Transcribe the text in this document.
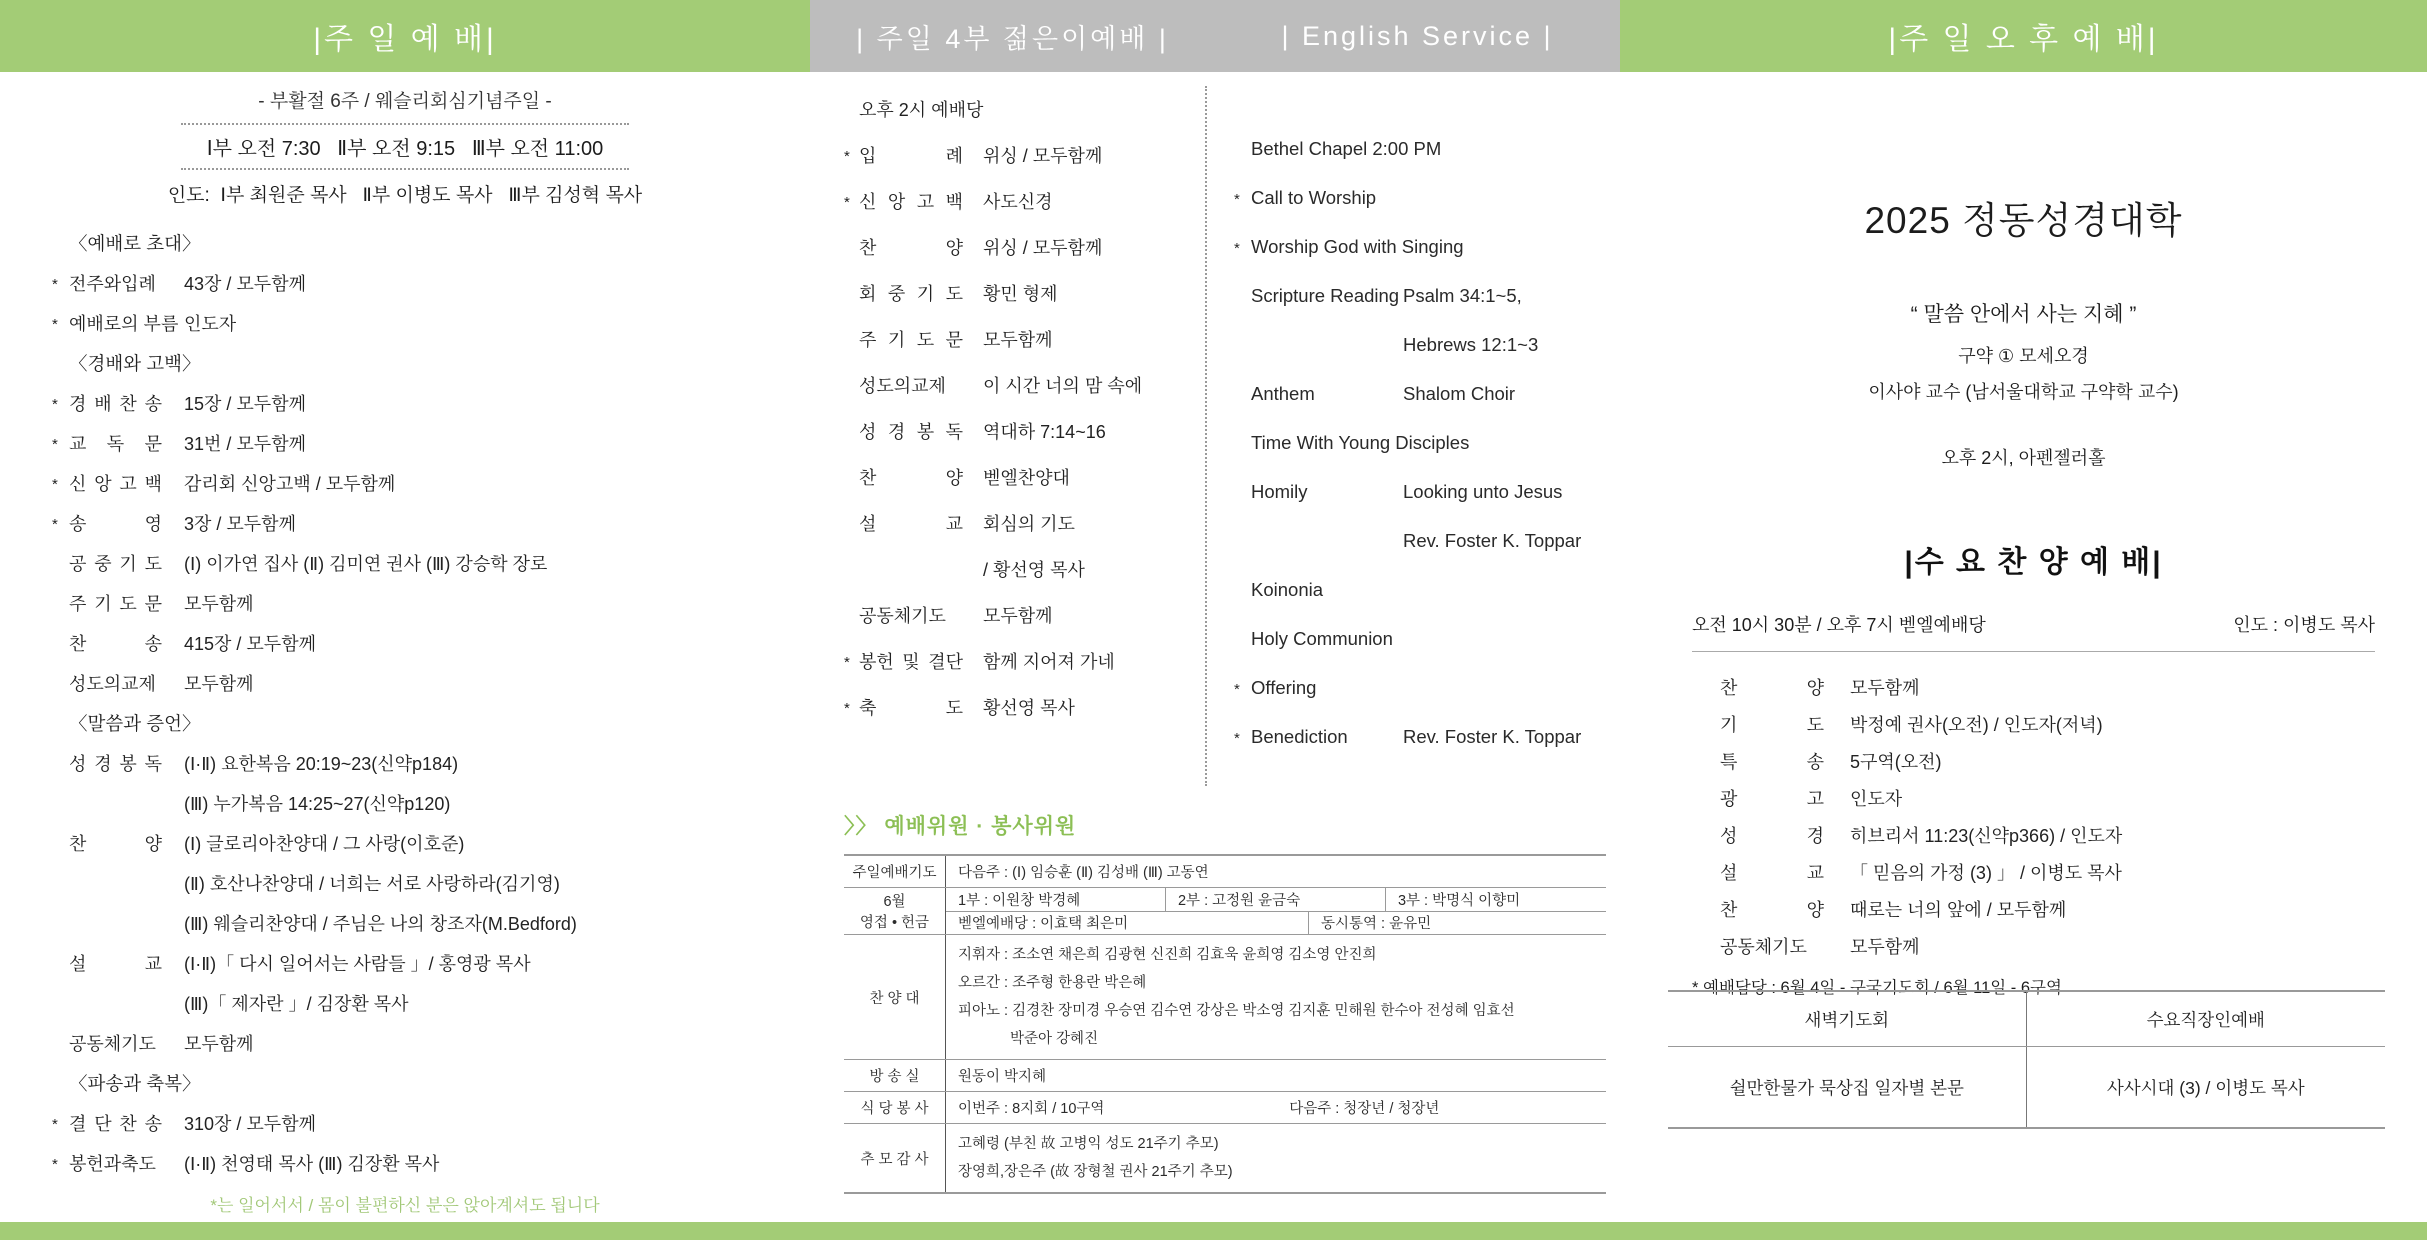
|주 일 예 배|	| 주일 4부 젊은이예배 |	| English Service |	|주 일 오 후 예 배|
- 부활절 6주 / 웨슬리회심기념주일 -
Ⅰ부 오전 7:30   Ⅱ부 오전 9:15   Ⅲ부 오전 11:00
인도:  Ⅰ부 최원준 목사   Ⅱ부 이병도 목사   Ⅲ부 김성혁 목사
〈예배로 초대〉
* 전주와입례	43장 / 모두함께
* 예배로의 부름 인도자
〈경배와 고백〉
* 경 배 찬 송 15장 / 모두함께
* 교 독 문 31번 / 모두함께
* 신 앙 고 백 감리회 신앙고백 / 모두함께
* 송 영 3장 / 모두함께
공 중 기 도 (Ⅰ) 이가연 집사 (Ⅱ) 김미연 권사 (Ⅲ) 강승학 장로
주 기 도 문 모두함께
찬 송 415장 / 모두함께
성도의교제	모두함께
〈말씀과 증언〉
성 경 봉 독 (Ⅰ·Ⅱ) 요한복음 20:19~23(신약p184)
(Ⅲ) 누가복음 14:25~27(신약p120)
찬 양 (Ⅰ) 글로리아찬양대 / 그 사랑(이호준)
(Ⅱ) 호산나찬양대 / 너희는 서로 사랑하라(김기영)
(Ⅲ) 웨슬리찬양대 / 주님은 나의 창조자(M.Bedford)
설 교 (Ⅰ·Ⅱ)「 다시 일어서는 사람들 」/ 홍영광 목사
(Ⅲ)「 제자란 」/ 김장환 목사
공동체기도	모두함께
〈파송과 축복〉
* 결 단 찬 송 310장 / 모두함께
* 봉헌과축도	(Ⅰ·Ⅱ) 천영태 목사 (Ⅲ) 김장환 목사
*는 일어서서 / 몸이 불편하신 분은 앉아계셔도 됩니다
오후 2시 예배당
* 입 례 위싱 / 모두함께
* 신 앙 고 백 사도신경
찬 양 위싱 / 모두함께
회 중 기 도 황민 형제
주 기 도 문 모두함께
성도의교제	이 시간 너의 맘 속에
성 경 봉 독 역대하 7:14~16
찬 양 벧엘찬양대
설 교 회심의 기도
/ 황선영 목사
공동체기도	모두함께
* 봉헌 및 결단 함께 지어져 가네
* 축 도 황선영 목사
Bethel Chapel 2:00 PM
* Call to Worship
* Worship God with Singing
Scripture Reading Psalm 34:1~5,
Hebrews 12:1~3
Anthem	Shalom Choir
Time With Young Disciples
Homily	Looking unto Jesus
Rev. Foster K. Toppar
Koinonia
Holy Communion
* Offering
* Benediction	Rev. Foster K. Toppar
〉〉 예배위원 · 봉사위원
주일예배기도	다음주 : (Ⅰ) 임승훈 (Ⅱ) 김성배 (Ⅲ) 고동연
6월
영접 • 헌금
1부 : 이원창 박경혜	2부 : 고정원 윤금숙	3부 : 박명식 이향미
벧엘예배당 : 이효택 최은미	동시통역 : 윤유민
찬 양 대
지휘자 : 조소연 채은희 김광현 신진희 김효욱 윤희영 김소영 안진희
오르간 : 조주형 한용란 박은혜
피아노 : 김경찬 장미경 우승연 김수연 강상은 박소영 김지훈 민해원 한수아 전성혜 임효선
박준아 강혜진
방 송 실	원동이 박지혜
식 당 봉 사	이번주 : 8지회 / 10구역	다음주 : 청장년 / 청장년
추 모 감 사
고혜령 (부친 故 고병익 성도 21주기 추모)
장영희,장은주 (故 장형철 권사 21주기 추모)
2025 정동성경대학
“ 말씀 안에서 사는 지혜 ”
구약 ① 모세오경
이사야 교수 (남서울대학교 구약학 교수)
오후 2시, 아펜젤러홀
|수 요 찬 양 예 배|
오전 10시 30분 / 오후 7시 벧엘예배당	인도 : 이병도 목사
찬 양 모두함께
기 도 박정예 권사(오전) / 인도자(저녁)
특 송 5구역(오전)
광 고 인도자
성 경 히브리서 11:23(신약p366) / 인도자
설 교 「 믿음의 가정 (3) 」 / 이병도 목사
찬 양 때로는 너의 앞에 / 모두함께
공동체기도	모두함께
* 예배담당 : 6월 4일 - 구국기도회 / 6월 11일 - 6구역
새벽기도회	수요직장인예배
쉴만한물가 묵상집 일자별 본문	사사시대 (3) / 이병도 목사
